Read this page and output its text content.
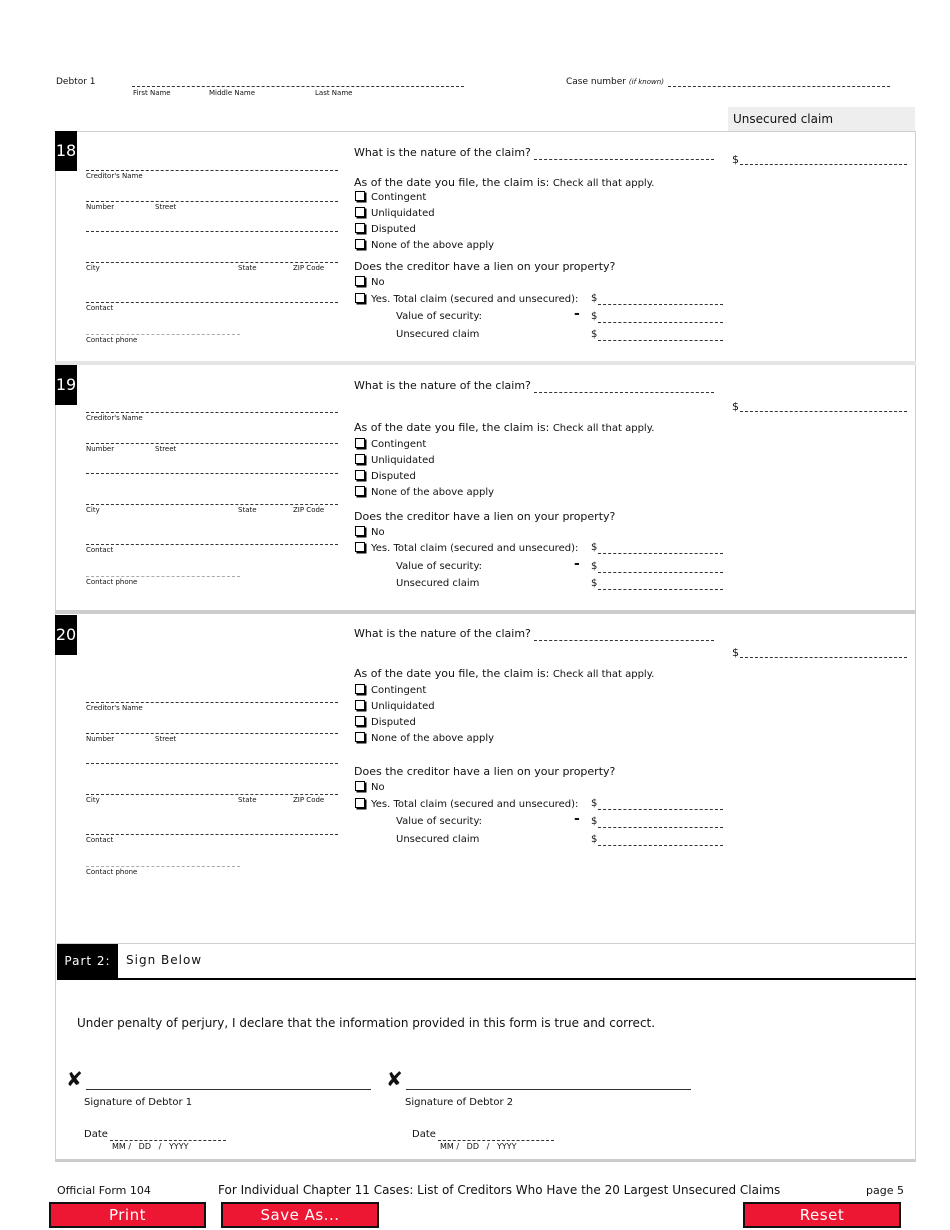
Debtor 1
First Name	Middle Name	Last Name
Case number (if known)
Unsecured claim
18
Creditor's Name
Number	Street
City	State	ZIP Code
Contact
Contact phone
What is the nature of the claim?
$
As of the date you file, the claim is: Check all that apply.
Contingent
Unliquidated
Disputed
None of the above apply
Does the creditor have a lien on your property?
No
Yes. Total claim (secured and unsecured): $
Value of security:	- $
Unsecured claim	$
19
Creditor's Name
Number	Street
City	State	ZIP Code
Contact
Contact phone
What is the nature of the claim?
$
As of the date you file, the claim is: Check all that apply.
Contingent
Unliquidated
Disputed
None of the above apply
Does the creditor have a lien on your property?
No
Yes. Total claim (secured and unsecured): $
Value of security:	- $
Unsecured claim	$
20
Creditor's Name
Number	Street
City	State	ZIP Code
Contact
Contact phone
What is the nature of the claim?
$
As of the date you file, the claim is: Check all that apply.
Contingent
Unliquidated
Disputed
None of the above apply
Does the creditor have a lien on your property?
No
Yes. Total claim (secured and unsecured): $
Value of security:	- $
Unsecured claim	$
Part 2:	Sign Below
Under penalty of perjury, I declare that the information provided in this form is true and correct.
✘
Signature of Debtor 1
Date
MM /   DD   /   YYYY
✘
Signature of Debtor 2
Date
MM /   DD   /   YYYY
Official Form 104	For Individual Chapter 11 Cases: List of Creditors Who Have the 20 Largest Unsecured Claims	page 5
Print	Save As...	Reset
